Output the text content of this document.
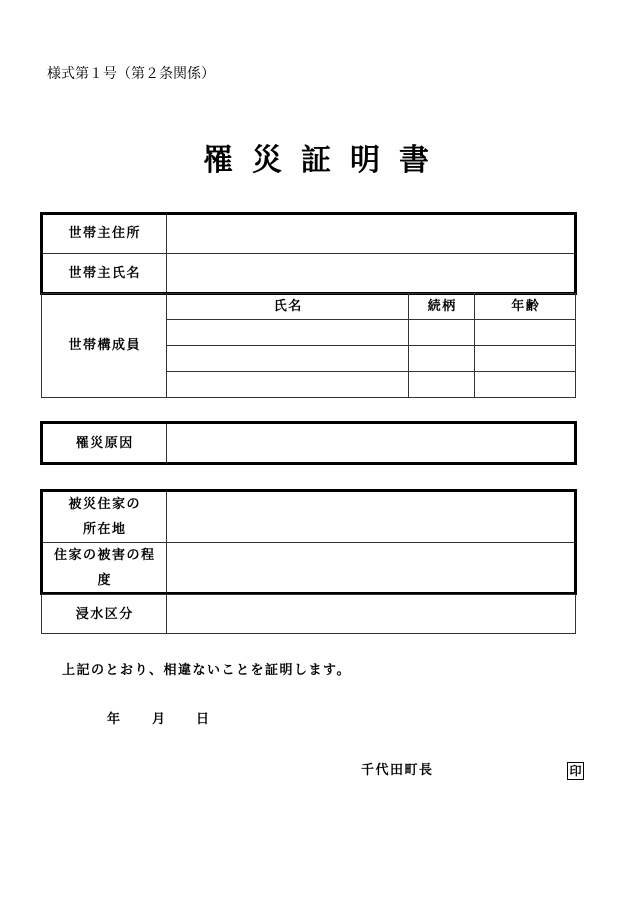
様式第１号（第２条関係）
罹災証明書
世帯主住所
世帯主氏名
世帯構成員
氏名	続柄	年齢
罹災原因
被災住家の
所在地
住家の被害の程
度
浸水区分
上記のとおり、相違ないことを証明します。
年 月 日
千代田町長	印
